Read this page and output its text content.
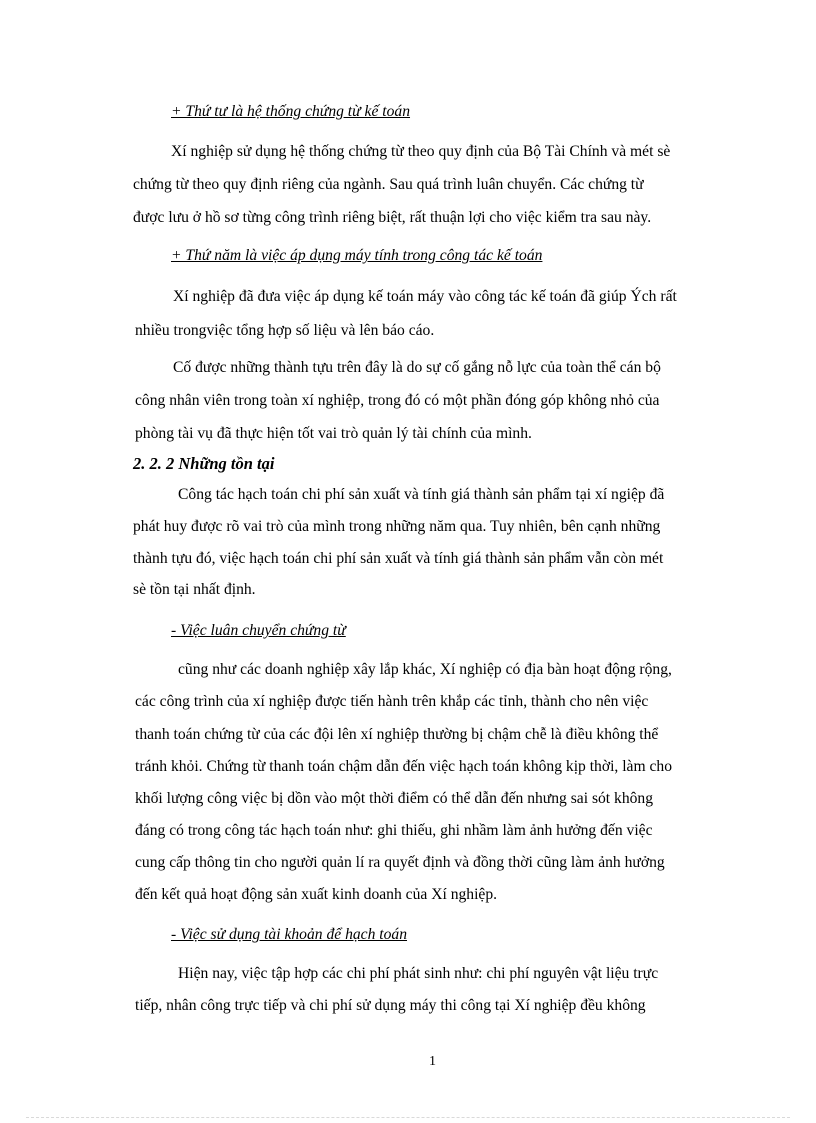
+ Thứ tư là hệ thống chứng từ kế toán

Xí nghiệp sử dụng hệ thống chứng từ theo quy định của Bộ Tài Chính và mét sè

chứng từ theo quy định riêng của ngành. Sau quá trình luân chuyển. Các chứng từ

được lưu ở hồ sơ từng công trình riêng biệt, rất thuận lợi cho việc kiểm tra sau này.

+ Thứ năm là việc áp dụng máy tính trong công tác kế toán

Xí nghiệp đã đưa việc áp dụng kế toán máy vào công tác kế toán đã giúp Ých rất

nhiều trongviệc tổng hợp số liệu và lên báo cáo.

Cố được những thành tựu trên đây là do sự cố gắng nỗ lực của toàn thể cán bộ

công nhân viên trong toàn xí nghiệp, trong đó có một phần đóng góp không nhỏ của

phòng tài vụ đã thực hiện tốt vai trò quản lý tài chính của mình.

2. 2. 2 Những tồn tại

Công tác hạch toán chi phí sản xuất và tính giá thành sản phẩm tại xí ngiệp đã

phát huy được rõ vai trò của mình trong những năm qua. Tuy nhiên, bên cạnh những

thành tựu đó, việc hạch toán chi phí sản xuất và tính giá thành sản phẩm vẫn còn mét

sè tồn tại nhất định.

- Việc luân chuyển chứng từ

cũng như các doanh nghiệp xây lắp khác, Xí nghiệp có địa bàn hoạt động rộng,

các công trình của xí nghiệp được tiến hành trên khắp các tỉnh, thành cho nên việc

thanh toán chứng từ của các đội lên xí nghiệp thường bị chậm chễ là điều không thể

tránh khỏi. Chứng từ thanh toán chậm dẫn đến việc hạch toán không kịp thời, làm cho

khối lượng công việc bị dồn vào một thời điểm có thể dẫn đến nhưng sai sót không

đáng có trong công tác hạch toán như: ghi thiếu, ghi nhầm làm ảnh hưởng đến việc

cung cấp thông tin cho người quản lí ra quyết định và đồng thời cũng làm ảnh hưởng

đến kết quả hoạt động sản xuất kinh doanh của Xí nghiệp.

- Việc sử dụng tài khoản để hạch toán

Hiện nay, việc tập hợp các chi phí phát sinh như: chi phí nguyên vật liệu trực

tiếp, nhân công trực tiếp và chi phí sử dụng máy thi công tại Xí nghiệp đều không

1
